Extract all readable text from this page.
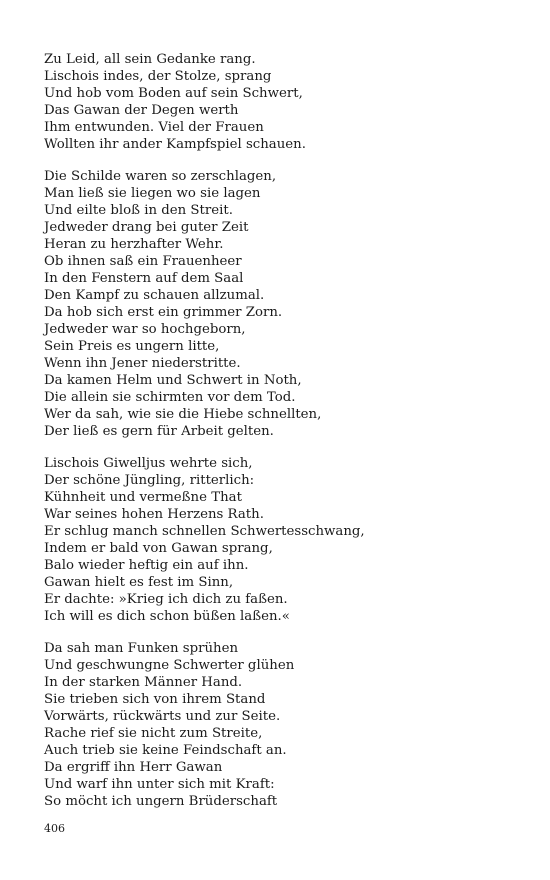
Zu Leid, all sein Gedanke rang.
Lischois indes, der Stolze, sprang
Und hob vom Boden auf sein Schwert,
Das Gawan der Degen werth
Ihm entwunden. Viel der Frauen
Wollten ihr ander Kampfspiel schauen.
Die Schilde waren so zerschlagen,
Man ließ sie liegen wo sie lagen
Und eilte bloß in den Streit.
Jedweder drang bei guter Zeit
Heran zu herzhafter Wehr.
Ob ihnen saß ein Frauenheer
In den Fenstern auf dem Saal
Den Kampf zu schauen allzumal.
Da hob sich erst ein grimmer Zorn.
Jedweder war so hochgeborn,
Sein Preis es ungern litte,
Wenn ihn Jener niederstritte.
Da kamen Helm und Schwert in Noth,
Die allein sie schirmten vor dem Tod.
Wer da sah, wie sie die Hiebe schnellten,
Der ließ es gern für Arbeit gelten.
Lischois Giwelljus wehrte sich,
Der schöne Jüngling, ritterlich:
Kühnheit und vermeßne That
War seines hohen Herzens Rath.
Er schlug manch schnellen Schwertesschwang,
Indem er bald von Gawan sprang,
Balo wieder heftig ein auf ihn.
Gawan hielt es fest im Sinn,
Er dachte: »Krieg ich dich zu faßen.
Ich will es dich schon büßen laßen.«
Da sah man Funken sprühen
Und geschwungne Schwerter glühen
In der starken Männer Hand.
Sie trieben sich von ihrem Stand
Vorwärts, rückwärts und zur Seite.
Rache rief sie nicht zum Streite,
Auch trieb sie keine Feindschaft an.
Da ergriff ihn Herr Gawan
Und warf ihn unter sich mit Kraft:
So möcht ich ungern Brüderschaft
406
